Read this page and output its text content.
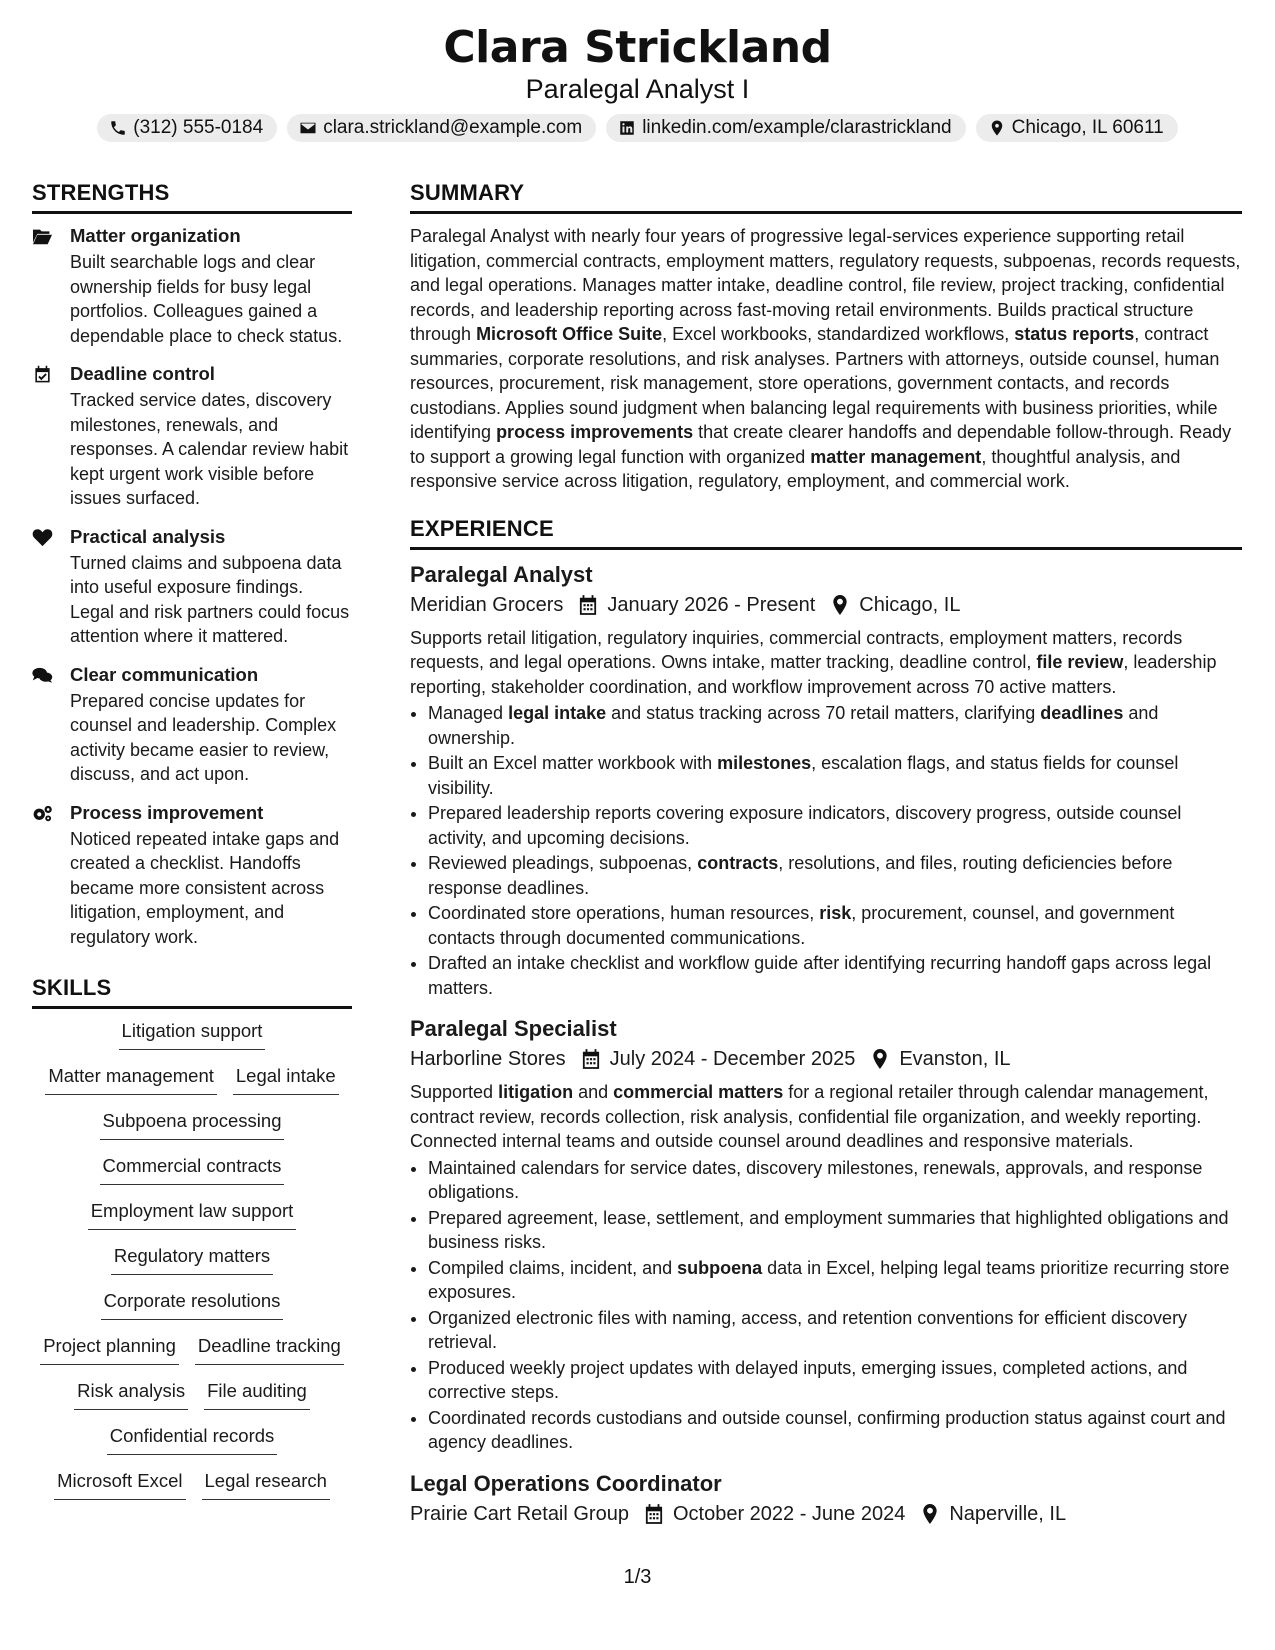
Clara Strickland
Paralegal Analyst I
(312) 555-0184	clara.strickland@example.com	linkedin.com/example/clarastrickland	Chicago, IL 60611
STRENGTHS
Matter organization

Built searchable logs and clear ownership fields for busy legal portfolios. Colleagues gained a dependable place to check status.

Deadline control

Tracked service dates, discovery milestones, renewals, and responses. A calendar review habit kept urgent work visible before issues surfaced.

Practical analysis

Turned claims and subpoena data into useful exposure findings. Legal and risk partners could focus attention where it mattered.

Clear communication

Prepared concise updates for counsel and leadership. Complex activity became easier to review, discuss, and act upon.

Process improvement

Noticed repeated intake gaps and created a checklist. Handoffs became more consistent across litigation, employment, and regulatory work.

SKILLS
Litigation support
Matter management Legal intake
Subpoena processing
Commercial contracts
Employment law support
Regulatory matters
Corporate resolutions
Project planning Deadline tracking
Risk analysis File auditing
Confidential records
Microsoft Excel Legal research
SUMMARY

Paralegal Analyst with nearly four years of progressive legal-services experience supporting retail litigation, commercial contracts, employment matters, regulatory requests, subpoenas, records requests, and legal operations. Manages matter intake, deadline control, file review, project tracking, confidential records, and leadership reporting across fast-moving retail environments. Builds practical structure through Microsoft Office Suite, Excel workbooks, standardized workflows, status reports, contract summaries, corporate resolutions, and risk analyses. Partners with attorneys, outside counsel, human resources, procurement, risk management, store operations, government contacts, and records custodians. Applies sound judgment when balancing legal requirements with business priorities, while identifying process improvements that create clearer handoffs and dependable follow-through. Ready to support a growing legal function with organized matter management, thoughtful analysis, and responsive service across litigation, regulatory, employment, and commercial work.

EXPERIENCE
Paralegal Analyst
Meridian Grocers January 2026 - Present Chicago, IL

Supports retail litigation, regulatory inquiries, commercial contracts, employment matters, records requests, and legal operations. Owns intake, matter tracking, deadline control, file review, leadership reporting, stakeholder coordination, and workflow improvement across 70 active matters.

• Managed legal intake and status tracking across 70 retail matters, clarifying deadlines and ownership.
• Built an Excel matter workbook with milestones, escalation flags, and status fields for counsel visibility.
• Prepared leadership reports covering exposure indicators, discovery progress, outside counsel activity, and upcoming decisions.
• Reviewed pleadings, subpoenas, contracts, resolutions, and files, routing deficiencies before response deadlines.
• Coordinated store operations, human resources, risk, procurement, counsel, and government contacts through documented communications.
• Drafted an intake checklist and workflow guide after identifying recurring handoff gaps across legal matters.
Paralegal Specialist
Harborline Stores July 2024 - December 2025 Evanston, IL

Supported litigation and commercial matters for a regional retailer through calendar management, contract review, records collection, risk analysis, confidential file organization, and weekly reporting. Connected internal teams and outside counsel around deadlines and responsive materials.

• Maintained calendars for service dates, discovery milestones, renewals, approvals, and response obligations.
• Prepared agreement, lease, settlement, and employment summaries that highlighted obligations and business risks.
• Compiled claims, incident, and subpoena data in Excel, helping legal teams prioritize recurring store exposures.
• Organized electronic files with naming, access, and retention conventions for efficient discovery retrieval.
• Produced weekly project updates with delayed inputs, emerging issues, completed actions, and corrective steps.
• Coordinated records custodians and outside counsel, confirming production status against court and agency deadlines.
Legal Operations Coordinator
Prairie Cart Retail Group October 2022 - June 2024 Naperville, IL
1/3
